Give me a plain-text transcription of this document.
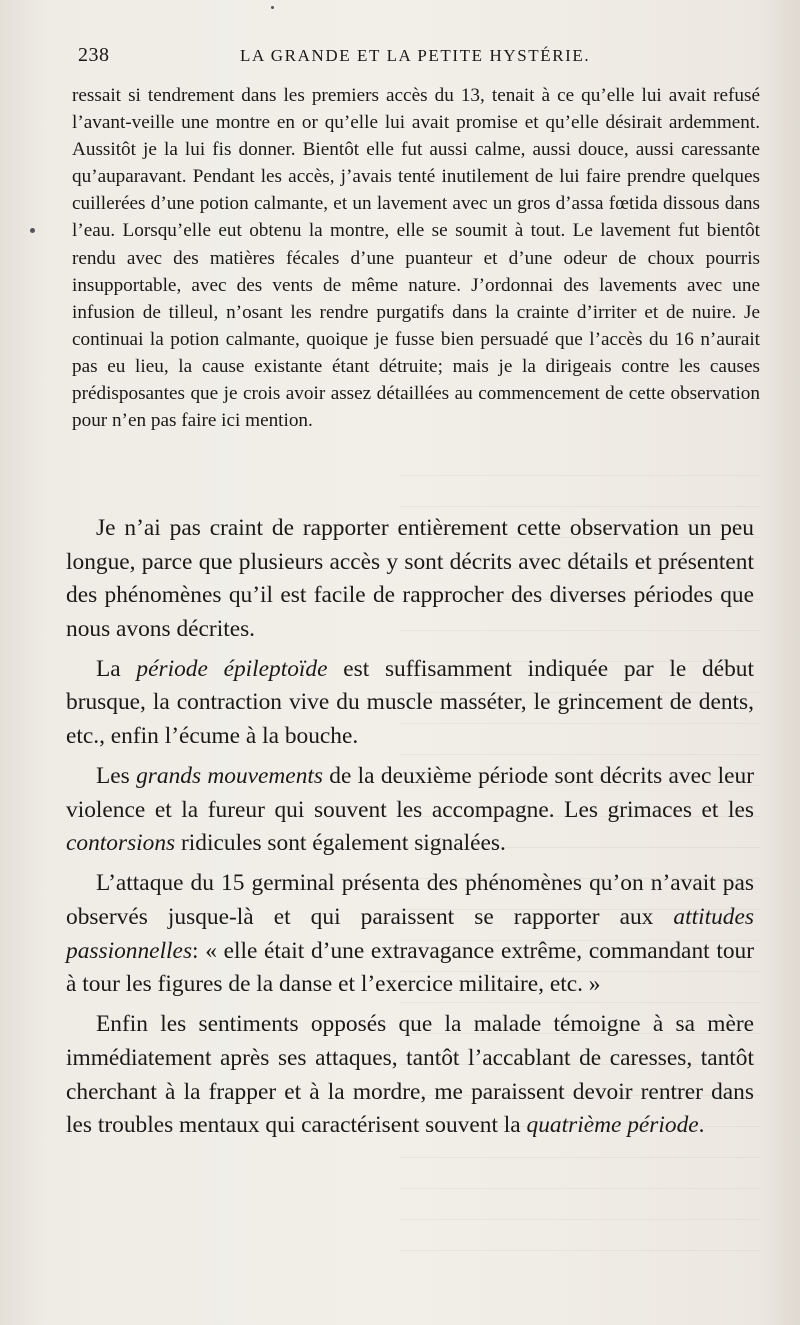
238	LA GRANDE ET LA PETITE HYSTÉRIE.

ressait si tendrement dans les premiers accès du 13, tenait à ce qu’elle lui avait refusé l’avant-veille une montre en or qu’elle lui avait promise et qu’elle désirait ardemment. Aussitôt je la lui fis donner. Bientôt elle fut aussi calme, aussi douce, aussi caressante qu’auparavant. Pendant les accès, j’avais tenté inutilement de lui faire prendre quelques cuillerées d’une potion calmante, et un lavement avec un gros d’assa fœtida dissous dans l’eau. Lorsqu’elle eut obtenu la montre, elle se soumit à tout. Le lavement fut bientôt rendu avec des matières fécales d’une puanteur et d’une odeur de choux pourris insupportable, avec des vents de même nature. J’ordonnai des lavements avec une infusion de tilleul, n’osant les rendre purgatifs dans la crainte d’irriter et de nuire. Je continuai la potion calmante, quoique je fusse bien persuadé que l’accès du 16 n’aurait pas eu lieu, la cause existante étant détruite; mais je la dirigeais contre les causes prédisposantes que je crois avoir assez détaillées au commencement de cette observation pour n’en pas faire ici mention.

Je n’ai pas craint de rapporter entièrement cette observation un peu longue, parce que plusieurs accès y sont décrits avec détails et présentent des phénomènes qu’il est facile de rapprocher des diverses périodes que nous avons décrites.

La période épileptoïde est suffisamment indiquée par le début brusque, la contraction vive du muscle masséter, le grincement de dents, etc., enfin l’écume à la bouche.

Les grands mouvements de la deuxième période sont décrits avec leur violence et la fureur qui souvent les accompagne. Les grimaces et les contorsions ridicules sont également signalées.

L’attaque du 15 germinal présenta des phénomènes qu’on n’avait pas observés jusque-là et qui paraissent se rapporter aux attitudes passionnelles: « elle était d’une extravagance extrême, commandant tour à tour les figures de la danse et l’exercice militaire, etc. »

Enfin les sentiments opposés que la malade témoigne à sa mère immédiatement après ses attaques, tantôt l’accablant de caresses, tantôt cherchant à la frapper et à la mordre, me paraissent devoir rentrer dans les troubles mentaux qui caractérisent souvent la quatrième période.
